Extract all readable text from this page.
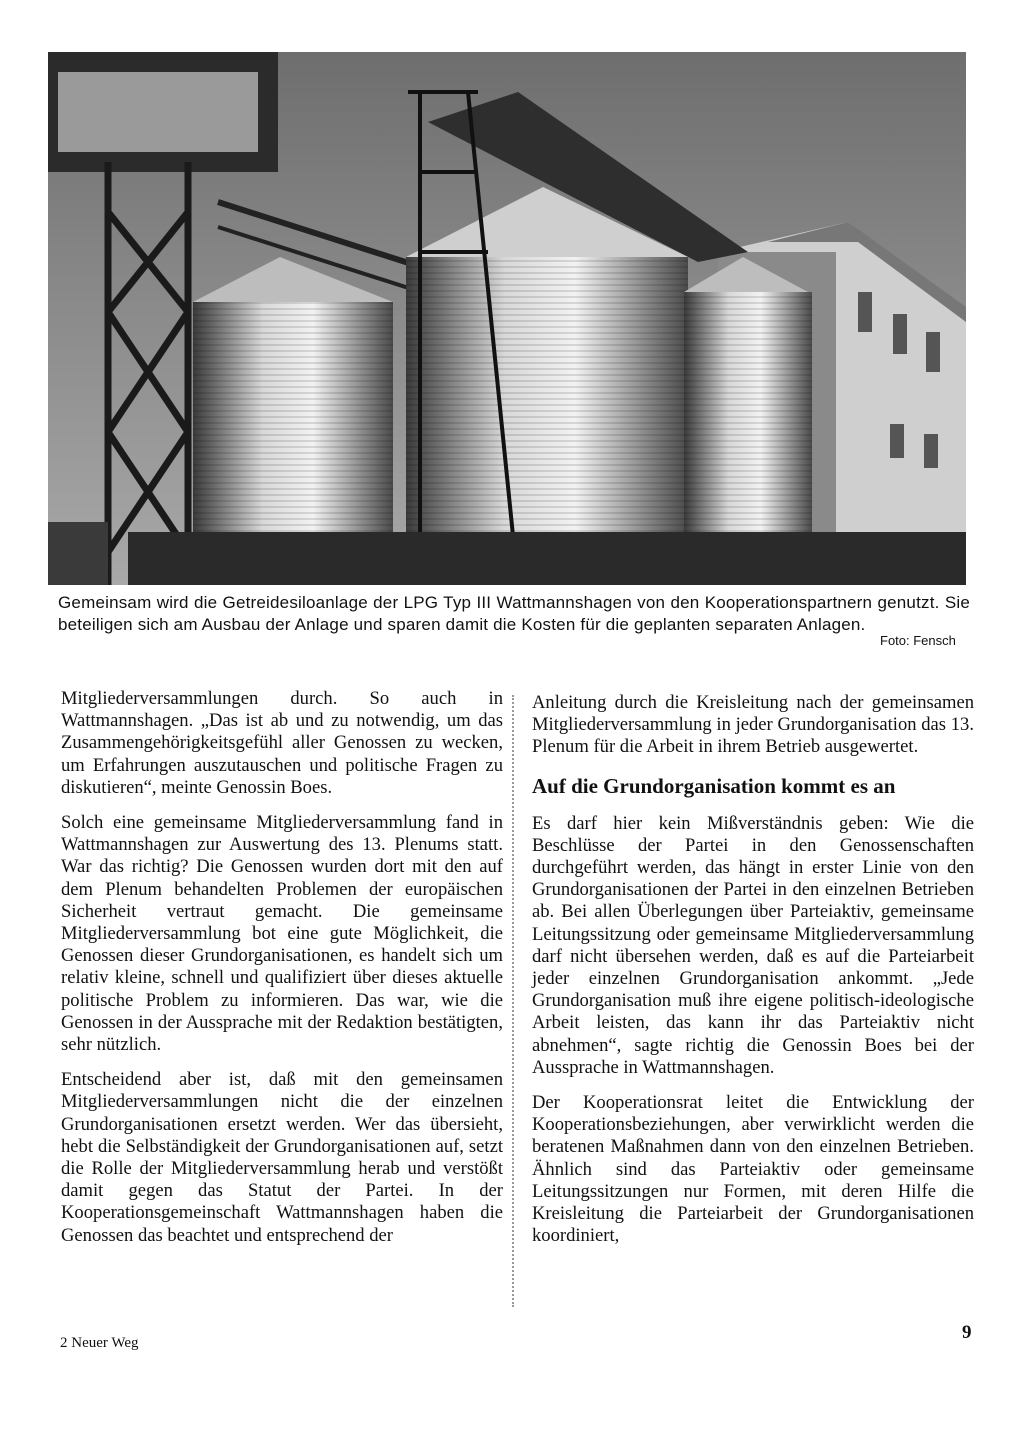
Gemeinsam wird die Getreidesiloanlage der LPG Typ III Wattmannshagen von den Kooperationspartnern genutzt. Sie beteiligen sich am Ausbau der Anlage und sparen damit die Kosten für die geplanten separaten Anlagen.
Foto: Fensch

Mitgliederversammlungen durch. So auch in Wattmannshagen. „Das ist ab und zu notwendig, um das Zusammengehörigkeitsgefühl aller Genossen zu wecken, um Erfahrungen auszutauschen und politische Fragen zu diskutieren“, meinte Genossin Boes.

Solch eine gemeinsame Mitgliederversammlung fand in Wattmannshagen zur Auswertung des 13. Plenums statt. War das richtig? Die Genossen wurden dort mit den auf dem Plenum behandelten Problemen der europäischen Sicherheit vertraut gemacht. Die gemeinsame Mitgliederversammlung bot eine gute Möglichkeit, die Genossen dieser Grundorganisationen, es handelt sich um relativ kleine, schnell und qualifiziert über dieses aktuelle politische Problem zu informieren. Das war, wie die Genossen in der Aussprache mit der Redaktion bestätigten, sehr nützlich.

Entscheidend aber ist, daß mit den gemeinsamen Mitgliederversammlungen nicht die der einzelnen Grundorganisationen ersetzt werden. Wer das übersieht, hebt die Selbständigkeit der Grundorganisationen auf, setzt die Rolle der Mitgliederversammlung herab und verstößt damit gegen das Statut der Partei. In der Kooperationsgemeinschaft Wattmannshagen haben die Genossen das beachtet und entsprechend der

Anleitung durch die Kreisleitung nach der gemeinsamen Mitgliederversammlung in jeder Grundorganisation das 13. Plenum für die Arbeit in ihrem Betrieb ausgewertet.

Auf die Grundorganisation kommt es an

Es darf hier kein Mißverständnis geben: Wie die Beschlüsse der Partei in den Genossenschaften durchgeführt werden, das hängt in erster Linie von den Grundorganisationen der Partei in den einzelnen Betrieben ab. Bei allen Überlegungen über Parteiaktiv, gemeinsame Leitungssitzung oder gemeinsame Mitgliederversammlung darf nicht übersehen werden, daß es auf die Parteiarbeit jeder einzelnen Grundorganisation ankommt. „Jede Grundorganisation muß ihre eigene politisch-ideologische Arbeit leisten, das kann ihr das Parteiaktiv nicht abnehmen“, sagte richtig die Genossin Boes bei der Aussprache in Wattmannshagen.

Der Kooperationsrat leitet die Entwicklung der Kooperationsbeziehungen, aber verwirklicht werden die beratenen Maßnahmen dann von den einzelnen Betrieben. Ähnlich sind das Parteiaktiv oder gemeinsame Leitungssitzungen nur Formen, mit deren Hilfe die Kreisleitung die Parteiarbeit der Grundorganisationen koordiniert,

2 Neuer Weg	9
